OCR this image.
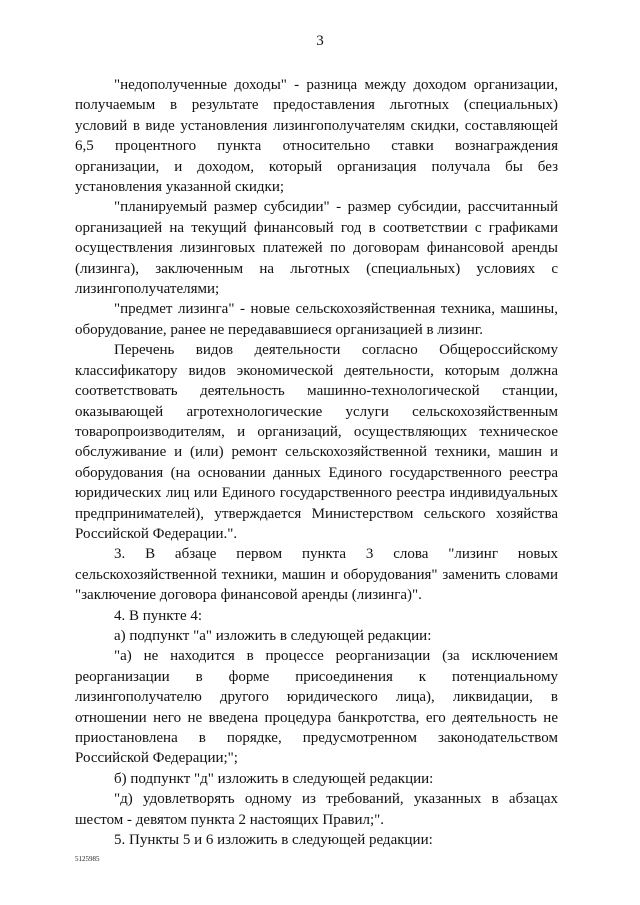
3

"недополученные доходы" - разница между доходом организации, получаемым в результате предоставления льготных (специальных) условий в виде установления лизингополучателям скидки, составляющей 6,5 процентного пункта относительно ставки вознаграждения организации, и доходом, который организация получала бы без установления указанной скидки;

"планируемый размер субсидии" - размер субсидии, рассчитанный организацией на текущий финансовый год в соответствии с графиками осуществления лизинговых платежей по договорам финансовой аренды (лизинга), заключенным на льготных (специальных) условиях с лизингополучателями;

"предмет лизинга" - новые сельскохозяйственная техника, машины, оборудование, ранее не передававшиеся организацией в лизинг.

Перечень видов деятельности согласно Общероссийскому классификатору видов экономической деятельности, которым должна соответствовать деятельность машинно-технологической станции, оказывающей агротехнологические услуги сельскохозяйственным товаропроизводителям, и организаций, осуществляющих техническое обслуживание и (или) ремонт сельскохозяйственной техники, машин и оборудования (на основании данных Единого государственного реестра юридических лиц или Единого государственного реестра индивидуальных предпринимателей), утверждается Министерством сельского хозяйства Российской Федерации.".

3. В абзаце первом пункта 3 слова "лизинг новых сельскохозяйственной техники, машин и оборудования" заменить словами "заключение договора финансовой аренды (лизинга)".

4. В пункте 4:

а) подпункт "а" изложить в следующей редакции:

"а) не находится в процессе реорганизации (за исключением реорганизации в форме присоединения к потенциальному лизингополучателю другого юридического лица), ликвидации, в отношении него не введена процедура банкротства, его деятельность не приостановлена в порядке, предусмотренном законодательством Российской Федерации;";

б) подпункт "д" изложить в следующей редакции:

"д) удовлетворять одному из требований, указанных в абзацах шестом - девятом пункта 2 настоящих Правил;".

5. Пункты 5 и 6 изложить в следующей редакции:

5125985
